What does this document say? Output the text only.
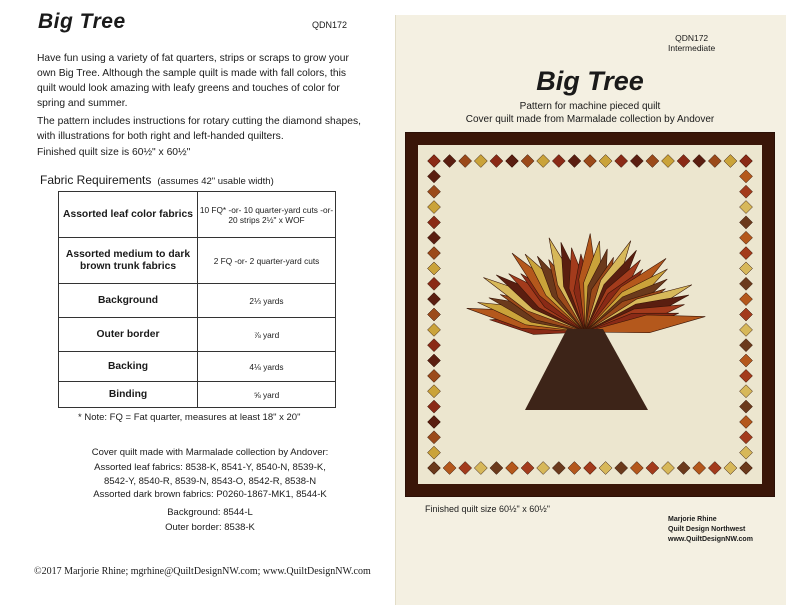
Big Tree	QDN172
Have fun using a variety of fat quarters, strips or scraps to grow your own Big Tree. Although the sample quilt is made with fall colors, this quilt would look amazing with leafy greens and touches of color for spring and summer.
The pattern includes instructions for rotary cutting the diamond shapes, with illustrations for both right and left-handed quilters.
Finished quilt size is 60½" x 60½"
Fabric Requirements (assumes 42" usable width)
Assorted leaf color fabrics	10 FQ* -or- 10 quarter-yard cuts -or- 20 strips 2½" x WOF
Assorted medium to dark brown trunk fabrics	2 FQ -or- 2 quarter-yard cuts
Background	2⅓ yards
Outer border	⅞ yard
Backing	4⅛ yards
Binding	⅝ yard
* Note: FQ = Fat quarter, measures at least 18" x 20"
Cover quilt made with Marmalade collection by Andover:
Assorted leaf fabrics: 8538-K, 8541-Y, 8540-N, 8539-K,
8542-Y, 8540-R, 8539-N, 8543-O, 8542-R, 8538-N
Assorted dark brown fabrics: P0260-1867-MK1, 8544-K
Background: 8544-L
Outer border: 8538-K
©2017 Marjorie Rhine; mgrhine@QuiltDesignNW.com; www.QuiltDesignNW.com
QDN172
Intermediate
Big Tree
Pattern for machine pieced quilt
Cover quilt made from Marmalade collection by Andover
Finished quilt size 60½" x 60½"
Marjorie Rhine
Quilt Design Northwest
www.QuiltDesignNW.com
